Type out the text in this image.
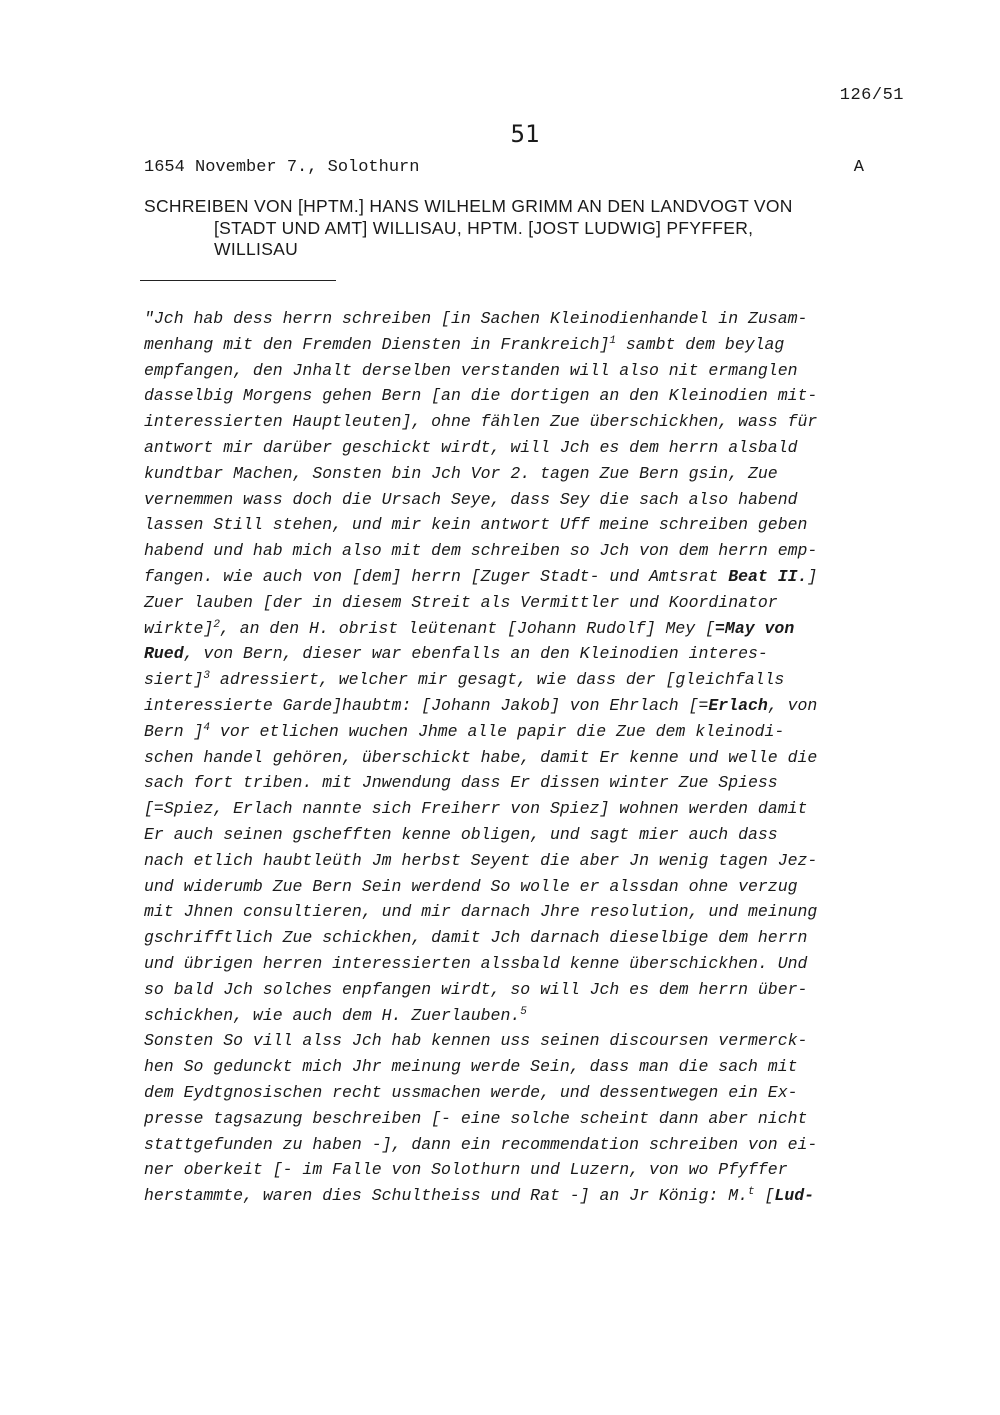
126/51
51
1654 November 7., Solothurn	A
SCHREIBEN VON [HPTM.] HANS WILHELM GRIMM AN DEN LANDVOGT VON
[STADT UND AMT] WILLISAU, HPTM. [JOST LUDWIG] PFYFFER,
WILLISAU
"Jch hab dess herrn schreiben [in Sachen Kleinodienhandel in Zusam-
menhang mit den Fremden Diensten in Frankreich]$^1$ sambt dem beylag
empfangen, den Jnhalt derselben verstanden will also nit ermanglen
dasselbig Morgens gehen Bern [an die dortigen an den Kleinodien mit-
interessierten Hauptleuten], ohne fählen Zue überschickhen, wass für
antwort mir darüber geschickt wirdt, will Jch es dem herrn alsbald
kundtbar Machen, Sonsten bin Jch Vor 2. tagen Zue Bern gsin, Zue
vernemmen wass doch die Ursach Seye, dass Sey die sach also habend
lassen Still stehen, und mir kein antwort Uff meine schreiben geben
habend und hab mich also mit dem schreiben so Jch von dem herrn emp-
fangen. wie auch von [dem] herrn [Zuger Stadt- und Amtsrat Beat II.]
Zuer lauben [der in diesem Streit als Vermittler und Koordinator
wirkte]$^2$, an den H. obrist leütenant [Johann Rudolf] Mey [=May von
Rued, von Bern, dieser war ebenfalls an den Kleinodien interes-
siert]$^3$ adressiert, welcher mir gesagt, wie dass der [gleichfalls
interessierte Garde]haubtm: [Johann Jakob] von Ehrlach [=Erlach, von
Bern ]$^4$ vor etlichen wuchen Jhme alle papir die Zue dem kleinodi-
schen handel gehören, überschickt habe, damit Er kenne und welle die
sach fort triben. mit Jnwendung dass Er dissen winter Zue Spiess
[=Spiez, Erlach nannte sich Freiherr von Spiez] wohnen werden damit
Er auch seinen gschefften kenne obligen, und sagt mier auch dass
nach etlich haubtleüth Jm herbst Seyent die aber Jn wenig tagen Jez-
und widerumb Zue Bern Sein werdend So wolle er alssdan ohne verzug
mit Jhnen consultieren, und mir darnach Jhre resolution, und meinung
gschrifftlich Zue schickhen, damit Jch darnach dieselbige dem herrn
und übrigen herren interessierten alssbald kenne überschickhen. Und
so bald Jch solches enpfangen wirdt, so will Jch es dem herrn über-
schickhen, wie auch dem H. Zuerlauben.$^5$
Sonsten So vill alss Jch hab kennen uss seinen discoursen vermerck-
hen So gedunckt mich Jhr meinung werde Sein, dass man die sach mit
dem Eydtgnosischen recht ussmachen werde, und dessentwegen ein Ex-
presse tagsazung beschreiben [- eine solche scheint dann aber nicht
stattgefunden zu haben -], dann ein recommendation schreiben von ei-
ner oberkeit [- im Falle von Solothurn und Luzern, von wo Pfyffer
herstammte, waren dies Schultheiss und Rat -] an Jr König: M.$^t$ [Lud-
